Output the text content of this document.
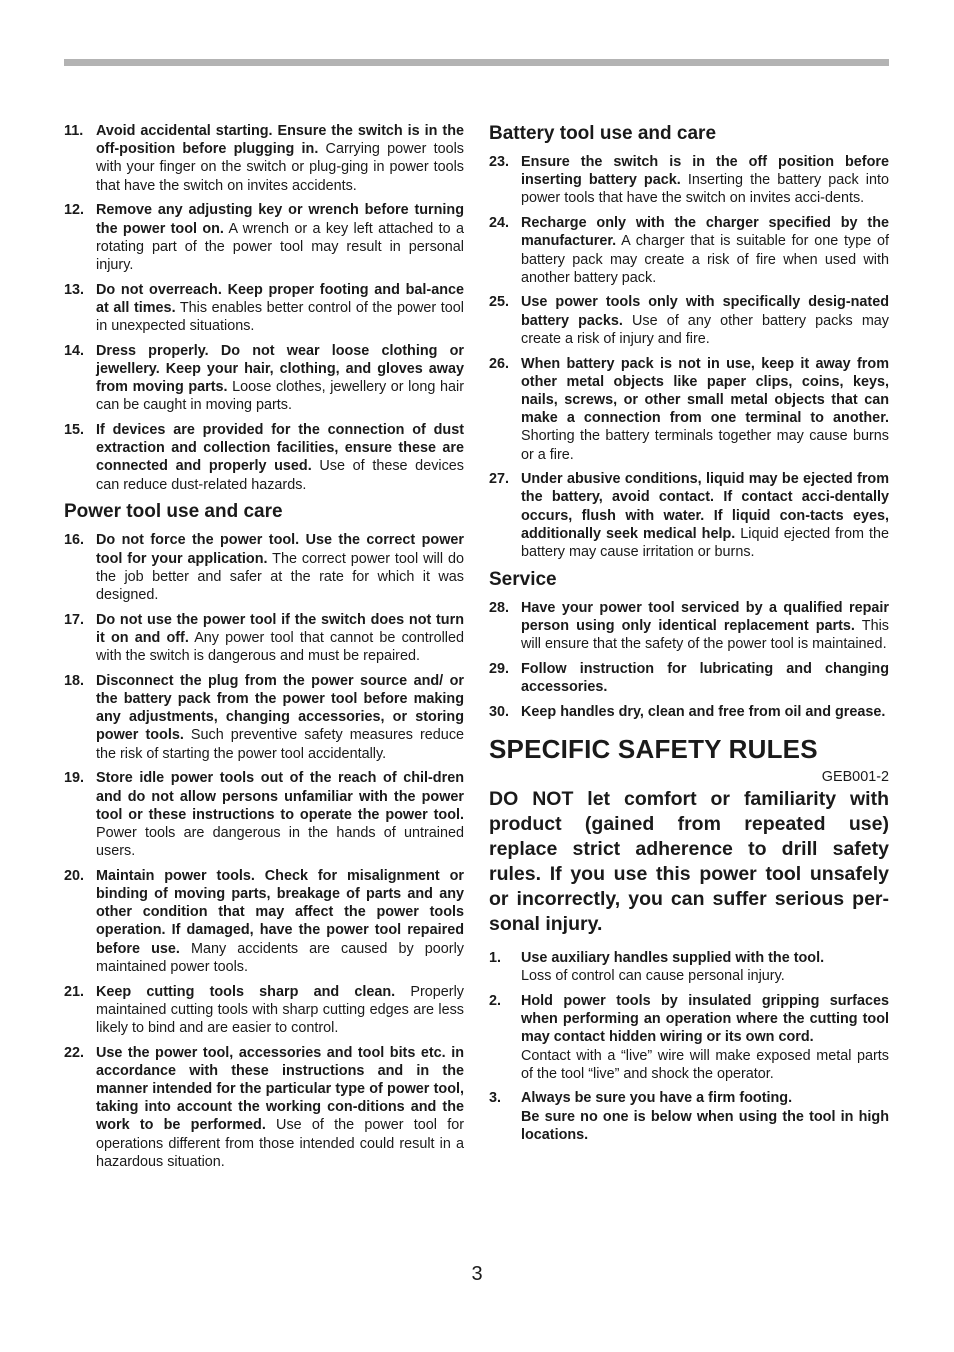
11. Avoid accidental starting. Ensure the switch is in the off-position before plugging in. Carrying power tools with your finger on the switch or plug-ging in power tools that have the switch on invites accidents.
12. Remove any adjusting key or wrench before turning the power tool on. A wrench or a key left attached to a rotating part of the power tool may result in personal injury.
13. Do not overreach. Keep proper footing and bal-ance at all times. This enables better control of the power tool in unexpected situations.
14. Dress properly. Do not wear loose clothing or jewellery. Keep your hair, clothing, and gloves away from moving parts. Loose clothes, jewellery or long hair can be caught in moving parts.
15. If devices are provided for the connection of dust extraction and collection facilities, ensure these are connected and properly used. Use of these devices can reduce dust-related hazards.
Power tool use and care
16. Do not force the power tool. Use the correct power tool for your application. The correct power tool will do the job better and safer at the rate for which it was designed.
17. Do not use the power tool if the switch does not turn it on and off. Any power tool that cannot be controlled with the switch is dangerous and must be repaired.
18. Disconnect the plug from the power source and/ or the battery pack from the power tool before making any adjustments, changing accessories, or storing power tools. Such preventive safety measures reduce the risk of starting the power tool accidentally.
19. Store idle power tools out of the reach of chil-dren and do not allow persons unfamiliar with the power tool or these instructions to operate the power tool. Power tools are dangerous in the hands of untrained users.
20. Maintain power tools. Check for misalignment or binding of moving parts, breakage of parts and any other condition that may affect the power tools operation. If damaged, have the power tool repaired before use. Many accidents are caused by poorly maintained power tools.
21. Keep cutting tools sharp and clean. Properly maintained cutting tools with sharp cutting edges are less likely to bind and are easier to control.
22. Use the power tool, accessories and tool bits etc. in accordance with these instructions and in the manner intended for the particular type of power tool, taking into account the working con-ditions and the work to be performed. Use of the power tool for operations different from those intended could result in a hazardous situation.
Battery tool use and care
23. Ensure the switch is in the off position before inserting battery pack. Inserting the battery pack into power tools that have the switch on invites acci-dents.
24. Recharge only with the charger specified by the manufacturer. A charger that is suitable for one type of battery pack may create a risk of fire when used with another battery pack.
25. Use power tools only with specifically desig-nated battery packs. Use of any other battery packs may create a risk of injury and fire.
26. When battery pack is not in use, keep it away from other metal objects like paper clips, coins, keys, nails, screws, or other small metal objects that can make a connection from one terminal to another. Shorting the battery terminals together may cause burns or a fire.
27. Under abusive conditions, liquid may be ejected from the battery, avoid contact. If contact acci-dentally occurs, flush with water. If liquid con-tacts eyes, additionally seek medical help. Liquid ejected from the battery may cause irritation or burns.
Service
28. Have your power tool serviced by a qualified repair person using only identical replacement parts. This will ensure that the safety of the power tool is maintained.
29. Follow instruction for lubricating and changing accessories.
30. Keep handles dry, clean and free from oil and grease.
SPECIFIC SAFETY RULES
GEB001-2
DO NOT let comfort or familiarity with product (gained from repeated use) replace strict adherence to drill safety rules. If you use this power tool unsafely or incorrectly, you can suffer serious per-sonal injury.
1.	Use auxiliary handles supplied with the tool.
Loss of control can cause personal injury.
2.	Hold power tools by insulated gripping surfaces when performing an operation where the cutting tool may contact hidden wiring or its own cord.
Contact with a “live” wire will make exposed metal parts of the tool “live” and shock the operator.
3.	Always be sure you have a firm footing.
Be sure no one is below when using the tool in high locations.
3
